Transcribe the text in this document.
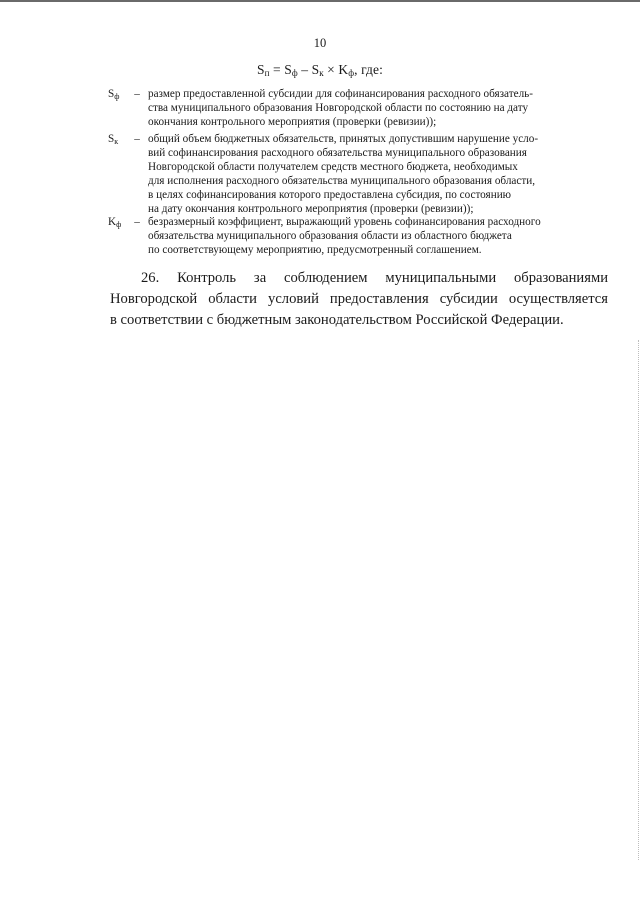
10
$S_п = S_ф - S_к \times K_ф$, где:
$S_ф$	– размер предоставленной субсидии для софинансирования расходного обязатель-
ства муниципального образования Новгородской области по состоянию на дату
окончания контрольного мероприятия (проверки (ревизии));
$S_к$	– общий объем бюджетных обязательств, принятых допустившим нарушение усло-
вий софинансирования расходного обязательства муниципального образования
Новгородской области получателем средств местного бюджета, необходимых
для исполнения расходного обязательства муниципального образования области,
в целях софинансирования которого предоставлена субсидия, по состоянию
на дату окончания контрольного мероприятия (проверки (ревизии));
$K_ф$	– безразмерный коэффициент, выражающий уровень софинансирования расходного
обязательства муниципального образования области из областного бюджета
по соответствующему мероприятию, предусмотренный соглашением.
26. Контроль за соблюдением муниципальными образованиями
Новгородской области условий предоставления субсидии осуществляется
в соответствии с бюджетным законодательством Российской Федерации.
